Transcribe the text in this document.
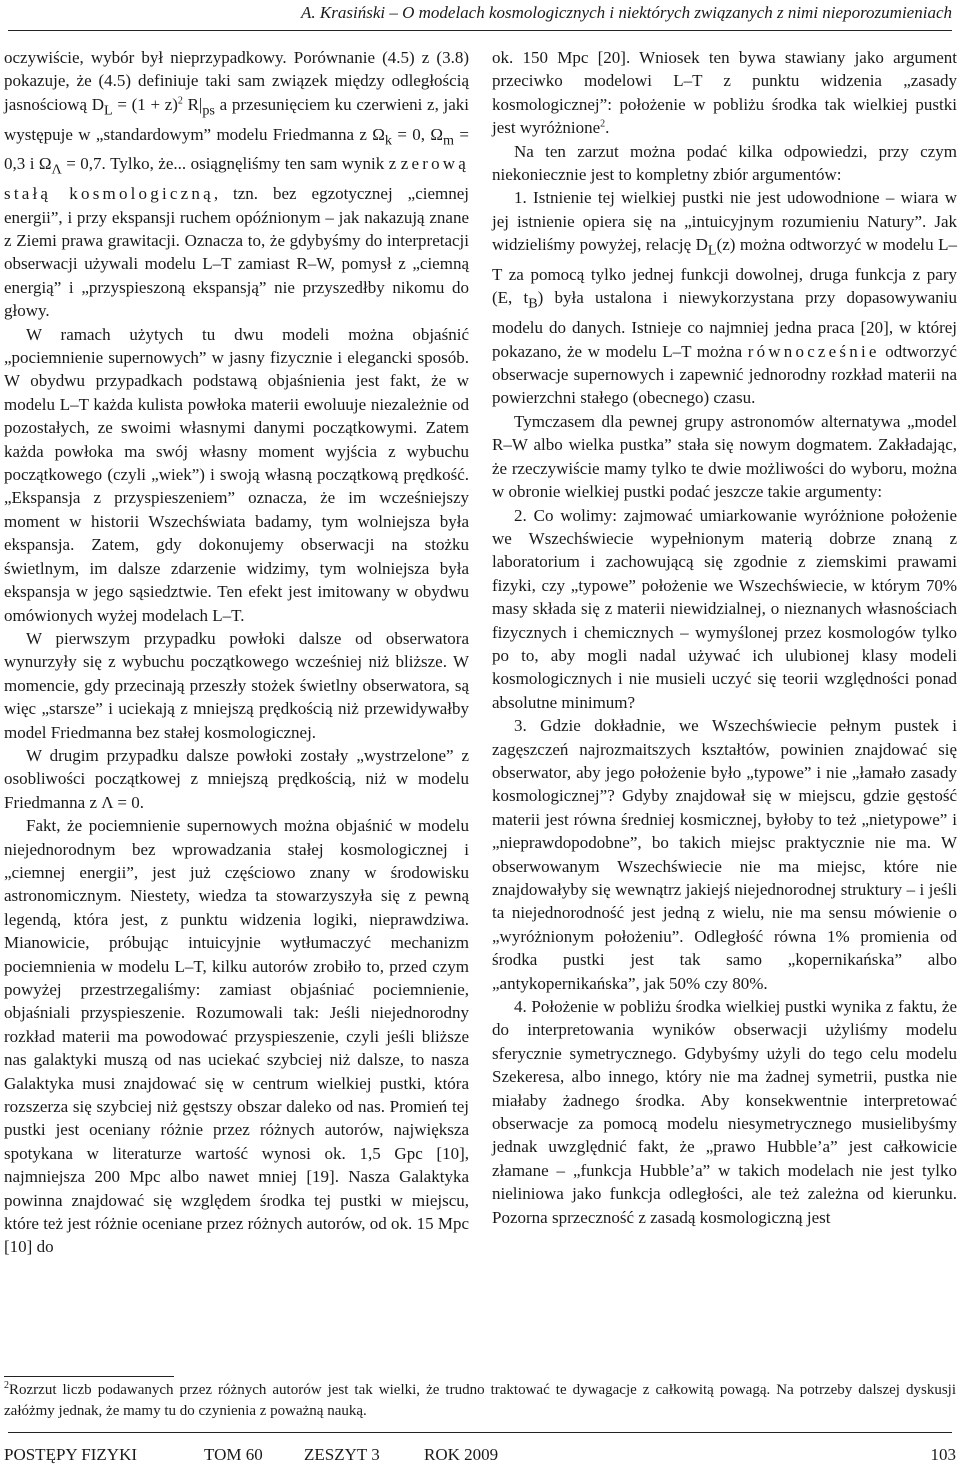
A. Krasiński – O modelach kosmologicznych i niektórych związanych z nimi nieporozumieniach

oczywiście, wybór był nieprzypadkowy. Porównanie (4.5) z (3.8) pokazuje, że (4.5) definiuje taki sam związek między odległością jasnościową $D_L = (1 + z)^2$ $R|_{ps}$ a przesunięciem ku czerwieni z, jaki występuje w „standardowym” modelu Friedmanna z $\Omega_k = 0$, $\Omega_m = 0,3$ i $\Omega_\Lambda = 0,7$. Tylko, że... osiągnęliśmy ten sam wynik z zerową stałą kosmologiczną, tzn. bez egzotycznej „ciemnej energii”, i przy ekspansji ruchem opóźnionym – jak nakazują znane z Ziemi prawa grawitacji. Oznacza to, że gdybyśmy do interpretacji obserwacji używali modelu L–T zamiast R–W, pomysł z „ciemną energią” i „przyspieszoną ekspansją” nie przyszedłby nikomu do głowy.

W ramach użytych tu dwu modeli można objaśnić „pociemnienie supernowych” w jasny fizycznie i elegancki sposób. W obydwu przypadkach podstawą objaśnienia jest fakt, że w modelu L–T każda kulista powłoka materii ewoluuje niezależnie od pozostałych, ze swoimi własnymi danymi początkowymi. Zatem każda powłoka ma swój własny moment wyjścia z wybuchu początkowego (czyli „wiek”) i swoją własną początkową prędkość. „Ekspansja z przyspieszeniem” oznacza, że im wcześniejszy moment w historii Wszechświata badamy, tym wolniejsza była ekspansja. Zatem, gdy dokonujemy obserwacji na stożku świetlnym, im dalsze zdarzenie widzimy, tym wolniejsza była ekspansja w jego sąsiedztwie. Ten efekt jest imitowany w obydwu omówionych wyżej modelach L–T.

W pierwszym przypadku powłoki dalsze od obserwatora wynurzyły się z wybuchu początkowego wcześniej niż bliższe. W momencie, gdy przecinają przeszły stożek świetlny obserwatora, są więc „starsze” i uciekają z mniejszą prędkością niż przewidywałby model Friedmanna bez stałej kosmologicznej.

W drugim przypadku dalsze powłoki zostały „wystrzelone” z osobliwości początkowej z mniejszą prędkością, niż w modelu Friedmanna z Λ = 0.

Fakt, że pociemnienie supernowych można objaśnić w modelu niejednorodnym bez wprowadzania stałej kosmologicznej i „ciemnej energii”, jest już częściowo znany w środowisku astronomicznym. Niestety, wiedza ta stowarzyszyła się z pewną legendą, która jest, z punktu widzenia logiki, nieprawdziwa. Mianowicie, próbując intuicyjnie wytłumaczyć mechanizm pociemnienia w modelu L–T, kilku autorów zrobiło to, przed czym powyżej przestrzegaliśmy: zamiast objaśniać pociemnienie, objaśniali przyspieszenie. Rozumowali tak: Jeśli niejednorodny rozkład materii ma powodować przyspieszenie, czyli jeśli bliższe nas galaktyki muszą od nas uciekać szybciej niż dalsze, to nasza Galaktyka musi znajdować się w centrum wielkiej pustki, która rozszerza się szybciej niż gęstszy obszar daleko od nas. Promień tej pustki jest oceniany różnie przez różnych autorów, największa spotykana w literaturze wartość wynosi ok. 1,5 Gpc [10], najmniejsza 200 Mpc albo nawet mniej [19]. Nasza Galaktyka powinna znajdować się względem środka tej pustki w miejscu, które też jest różnie oceniane przez różnych autorów, od ok. 15 Mpc [10] do

ok. 150 Mpc [20]. Wniosek ten bywa stawiany jako argument przeciwko modelowi L–T z punktu widzenia „zasady kosmologicznej”: położenie w pobliżu środka tak wielkiej pustki jest wyróżnione$^2$.

Na ten zarzut można podać kilka odpowiedzi, przy czym niekoniecznie jest to kompletny zbiór argumentów:

1. Istnienie tej wielkiej pustki nie jest udowodnione – wiara w jej istnienie opiera się na „intuicyjnym rozumieniu Natury”. Jak widzieliśmy powyżej, relację $D_L(z)$ można odtworzyć w modelu L–T za pomocą tylko jednej funkcji dowolnej, druga funkcja z pary (E, $t_B$) była ustalona i niewykorzystana przy dopasowywaniu modelu do danych. Istnieje co najmniej jedna praca [20], w której pokazano, że w modelu L–T można równocześnie odtworzyć obserwacje supernowych i zapewnić jednorodny rozkład materii na powierzchni stałego (obecnego) czasu.

Tymczasem dla pewnej grupy astronomów alternatywa „model R–W albo wielka pustka” stała się nowym dogmatem. Zakładając, że rzeczywiście mamy tylko te dwie możliwości do wyboru, można w obronie wielkiej pustki podać jeszcze takie argumenty:

2. Co wolimy: zajmować umiarkowanie wyróżnione położenie we Wszechświecie wypełnionym materią dobrze znaną z laboratorium i zachowującą się zgodnie z ziemskimi prawami fizyki, czy „typowe” położenie we Wszechświecie, w którym 70% masy składa się z materii niewidzialnej, o nieznanych własnościach fizycznych i chemicznych – wymyślonej przez kosmologów tylko po to, aby mogli nadal używać ich ulubionej klasy modeli kosmologicznych i nie musieli uczyć się teorii względności ponad absolutne minimum?

3. Gdzie dokładnie, we Wszechświecie pełnym pustek i zagęszczeń najrozmaitszych kształtów, powinien znajdować się obserwator, aby jego położenie było „typowe” i nie „łamało zasady kosmologicznej”? Gdyby znajdował się w miejscu, gdzie gęstość materii jest równa średniej kosmicznej, byłoby to też „nietypowe” i „nieprawdopodobne”, bo takich miejsc praktycznie nie ma. W obserwowanym Wszechświecie nie ma miejsc, które nie znajdowałyby się wewnątrz jakiejś niejednorodnej struktury – i jeśli ta niejednorodność jest jedną z wielu, nie ma sensu mówienie o „wyróżnionym położeniu”. Odległość równa 1% promienia od środka pustki jest tak samo „kopernikańska” albo „antykopernikańska”, jak 50% czy 80%.

4. Położenie w pobliżu środka wielkiej pustki wynika z faktu, że do interpretowania wyników obserwacji użyliśmy modelu sferycznie symetrycznego. Gdybyśmy użyli do tego celu modelu Szekeresa, albo innego, który nie ma żadnej symetrii, pustka nie miałaby żadnego środka. Aby konsekwentnie interpretować obserwacje za pomocą modelu niesymetrycznego musielibyśmy jednak uwzględnić fakt, że „prawo Hubble’a” jest całkowicie złamane – „funkcja Hubble’a” w takich modelach nie jest tylko nieliniowa jako funkcja odległości, ale też zależna od kierunku. Pozorna sprzeczność z zasadą kosmologiczną jest

$^2$Rozrzut liczb podawanych przez różnych autorów jest tak wielki, że trudno traktować te dywagacje z całkowitą powagą. Na potrzeby dalszej dyskusji załóżmy jednak, że mamy tu do czynienia z poważną nauką.
POSTĘPY FIZYKI	TOM 60 ZESZYT 3	ROK 2009	103
